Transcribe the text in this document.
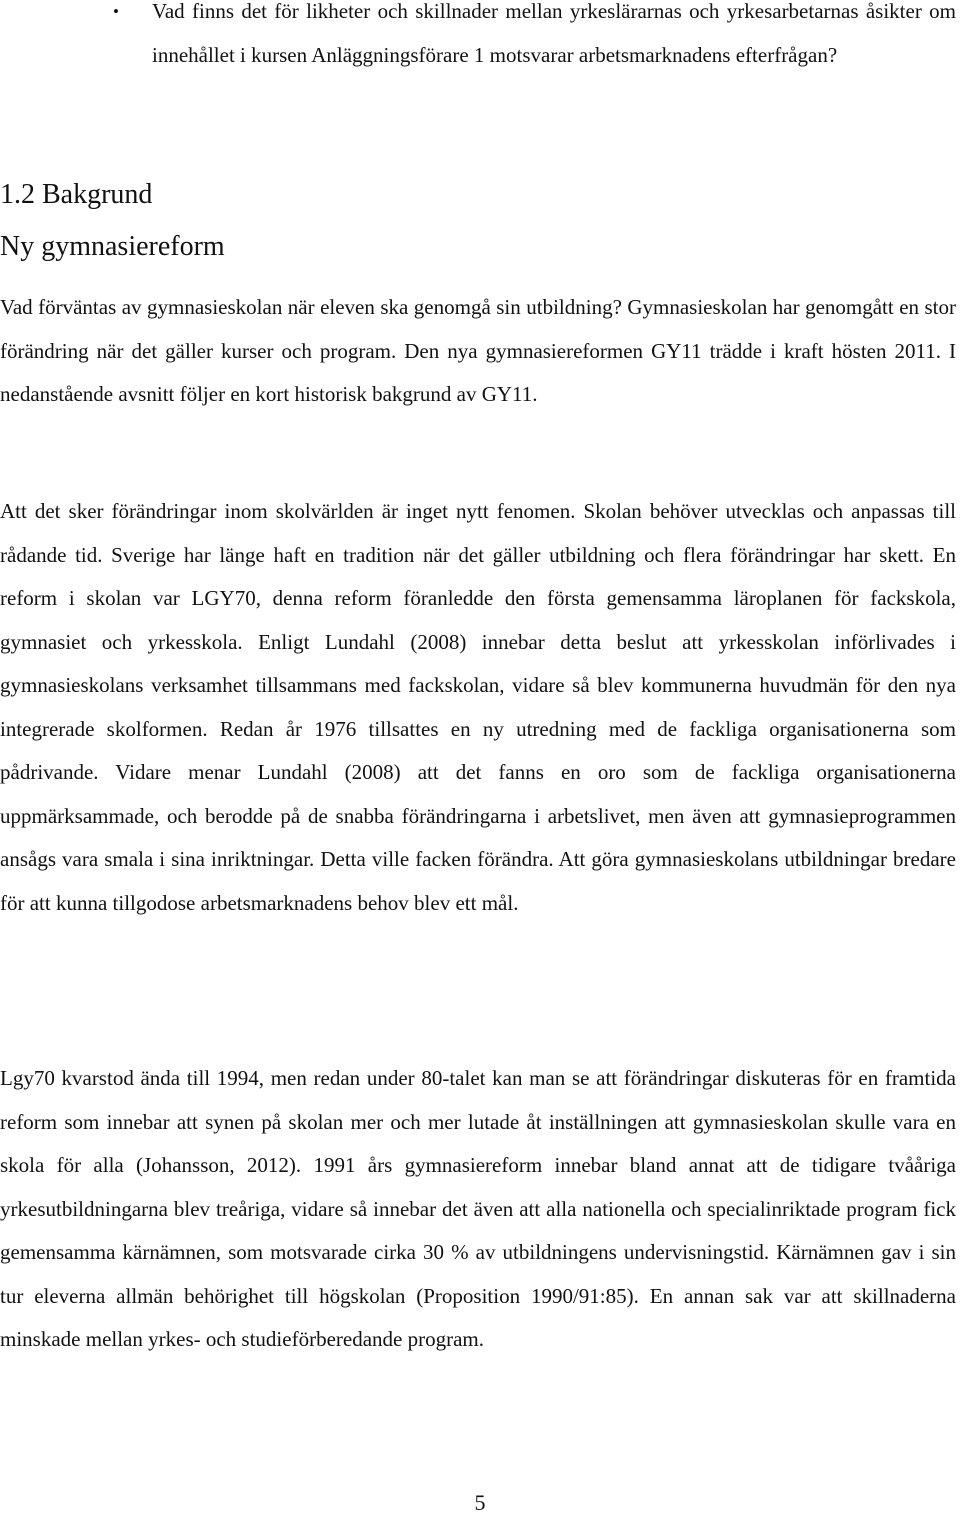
• Vad finns det för likheter och skillnader mellan yrkeslärarnas och yrkesarbetarnas åsikter om innehållet i kursen Anläggningsförare 1 motsvarar arbetsmarknadens efterfrågan?
1.2 Bakgrund
Ny gymnasiereform

Vad förväntas av gymnasieskolan när eleven ska genomgå sin utbildning? Gymnasieskolan har genomgått en stor förändring när det gäller kurser och program. Den nya gymnasiereformen GY11 trädde i kraft hösten 2011. I nedanstående avsnitt följer en kort historisk bakgrund av GY11.

Att det sker förändringar inom skolvärlden är inget nytt fenomen. Skolan behöver utvecklas och anpassas till rådande tid. Sverige har länge haft en tradition när det gäller utbildning och flera förändringar har skett. En reform i skolan var LGY70, denna reform föranledde den första gemensamma läroplanen för fackskola, gymnasiet och yrkesskola. Enligt Lundahl (2008) innebar detta beslut att yrkesskolan införlivades i gymnasieskolans verksamhet tillsammans med fackskolan, vidare så blev kommunerna huvudmän för den nya integrerade skolformen. Redan år 1976 tillsattes en ny utredning med de fackliga organisationerna som pådrivande. Vidare menar Lundahl (2008) att det fanns en oro som de fackliga organisationerna uppmärksammade, och berodde på de snabba förändringarna i arbetslivet, men även att gymnasieprogrammen ansågs vara smala i sina inriktningar. Detta ville facken förändra. Att göra gymnasieskolans utbildningar bredare för att kunna tillgodose arbetsmarknadens behov blev ett mål.

Lgy70 kvarstod ända till 1994, men redan under 80-talet kan man se att förändringar diskuteras för en framtida reform som innebar att synen på skolan mer och mer lutade åt inställningen att gymnasieskolan skulle vara en skola för alla (Johansson, 2012). 1991 års gymnasiereform innebar bland annat att de tidigare tvååriga yrkesutbildningarna blev treåriga, vidare så innebar det även att alla nationella och specialinriktade program fick gemensamma kärnämnen, som motsvarade cirka 30 % av utbildningens undervisningstid. Kärnämnen gav i sin tur eleverna allmän behörighet till högskolan (Proposition 1990/91:85). En annan sak var att skillnaderna minskade mellan yrkes- och studieförberedande program.

5
